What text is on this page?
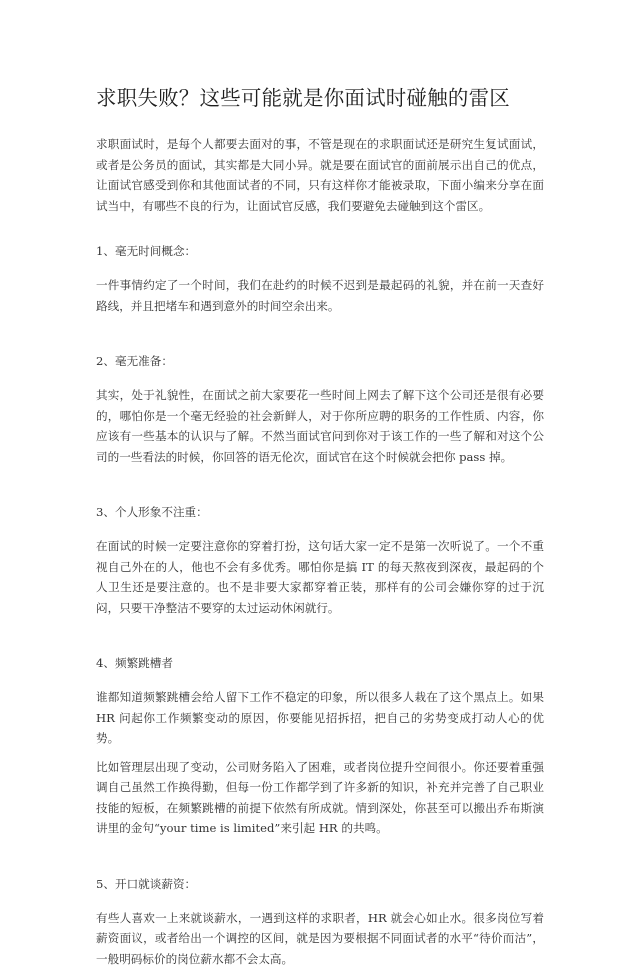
求职失败？这些可能就是你面试时碰触的雷区

求职面试时，是每个人都要去面对的事，不管是现在的求职面试还是研究生复试面试，或者是公务员的面试，其实都是大同小异。就是要在面试官的面前展示出自己的优点，让面试官感受到你和其他面试者的不同，只有这样你才能被录取，下面小编来分享在面试当中，有哪些不良的行为，让面试官反感，我们要避免去碰触到这个雷区。

1、毫无时间概念：

一件事情约定了一个时间，我们在赴约的时候不迟到是最起码的礼貌，并在前一天查好路线，并且把堵车和遇到意外的时间空余出来。

2、毫无准备：

其实，处于礼貌性，在面试之前大家要花一些时间上网去了解下这个公司还是很有必要的，哪怕你是一个毫无经验的社会新鲜人，对于你所应聘的职务的工作性质、内容，你应该有一些基本的认识与了解。不然当面试官问到你对于该工作的一些了解和对这个公司的一些看法的时候，你回答的语无伦次，面试官在这个时候就会把你 pass 掉。

3、个人形象不注重：

在面试的时候一定要注意你的穿着打扮，这句话大家一定不是第一次听说了。一个不重视自己外在的人，他也不会有多优秀。哪怕你是搞 IT 的每天熬夜到深夜，最起码的个人卫生还是要注意的。也不是非要大家都穿着正装，那样有的公司会嫌你穿的过于沉闷，只要干净整洁不要穿的太过运动休闲就行。

4、频繁跳槽者

谁都知道频繁跳槽会给人留下工作不稳定的印象，所以很多人栽在了这个黑点上。如果 HR 问起你工作频繁变动的原因，你要能见招拆招，把自己的劣势变成打动人心的优势。

比如管理层出现了变动，公司财务陷入了困难，或者岗位提升空间很小。你还要着重强调自己虽然工作换得勤，但每一份工作都学到了许多新的知识，补充并完善了自己职业技能的短板，在频繁跳槽的前提下依然有所成就。情到深处，你甚至可以搬出乔布斯演讲里的金句“your time is limited”来引起 HR 的共鸣。

5、开口就谈薪资：

有些人喜欢一上来就谈薪水，一遇到这样的求职者，HR 就会心如止水。很多岗位写着薪资面议，或者给出一个调控的区间，就是因为要根据不同面试者的水平“待价而沽”，一般明码标价的岗位薪水都不会太高。
